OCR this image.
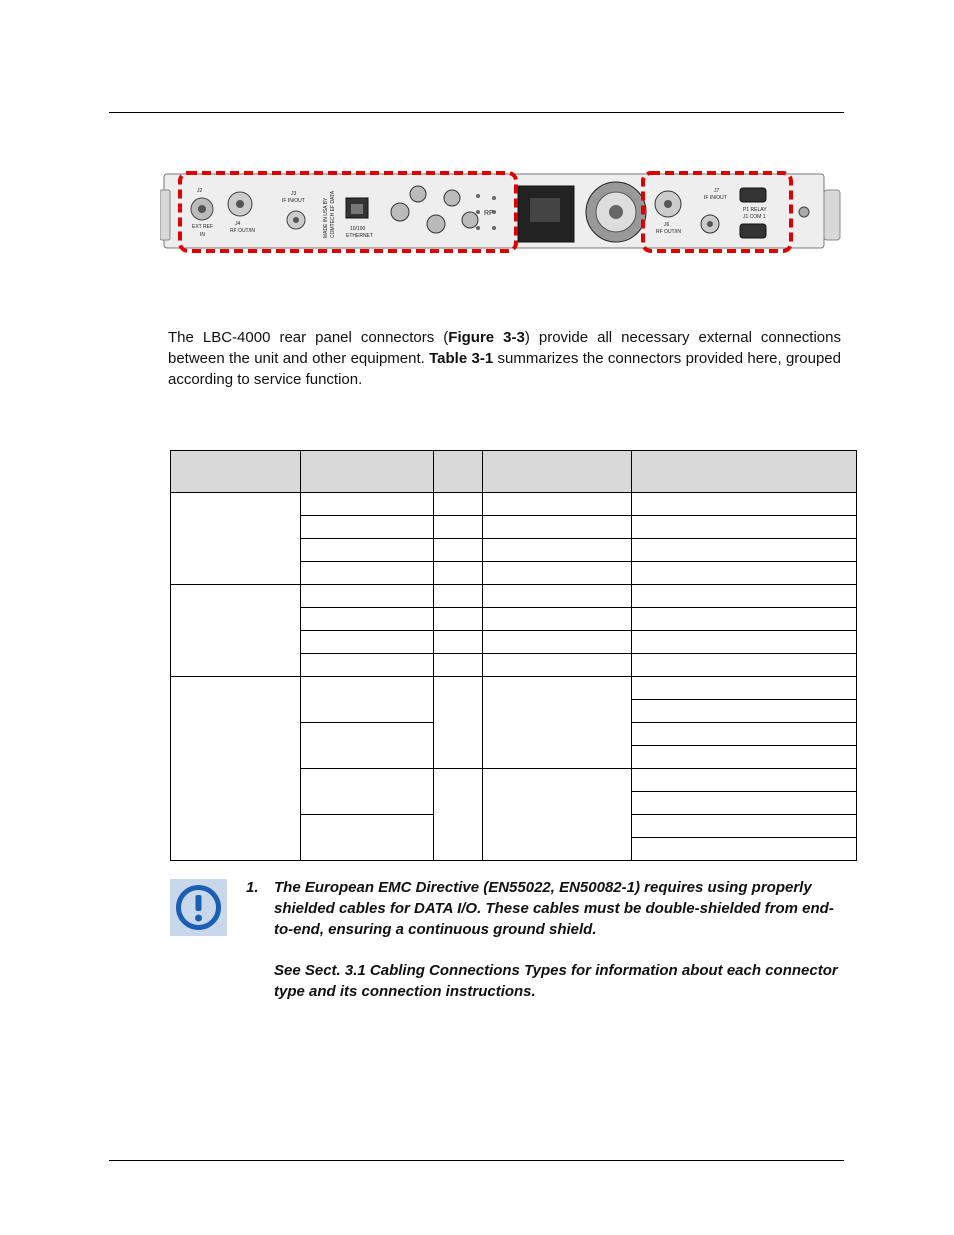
J2
EXT REF
IN
J4
RF OUT/IN
J3
IF IN/OUT	MADE IN USA BY COMTECH EF DATA	10/100
ETHERNET
RF
J7
IF IN/OUT
J6
RF OUT/IN
P1 RELAY
J1 COM 1
The LBC-4000 rear panel connectors (Figure 3-3) provide all necessary external connections between the unit and other equipment. Table 3-1 summarizes the connectors provided here, grouped according to service function.

1. The European EMC Directive (EN55022, EN50082-1) requires using properly shielded cables for DATA I/O. These cables must be double-shielded from end-to-end, ensuring a continuous ground shield.
See Sect. 3.1 Cabling Connections Types for information about each connector type and its connection instructions.
